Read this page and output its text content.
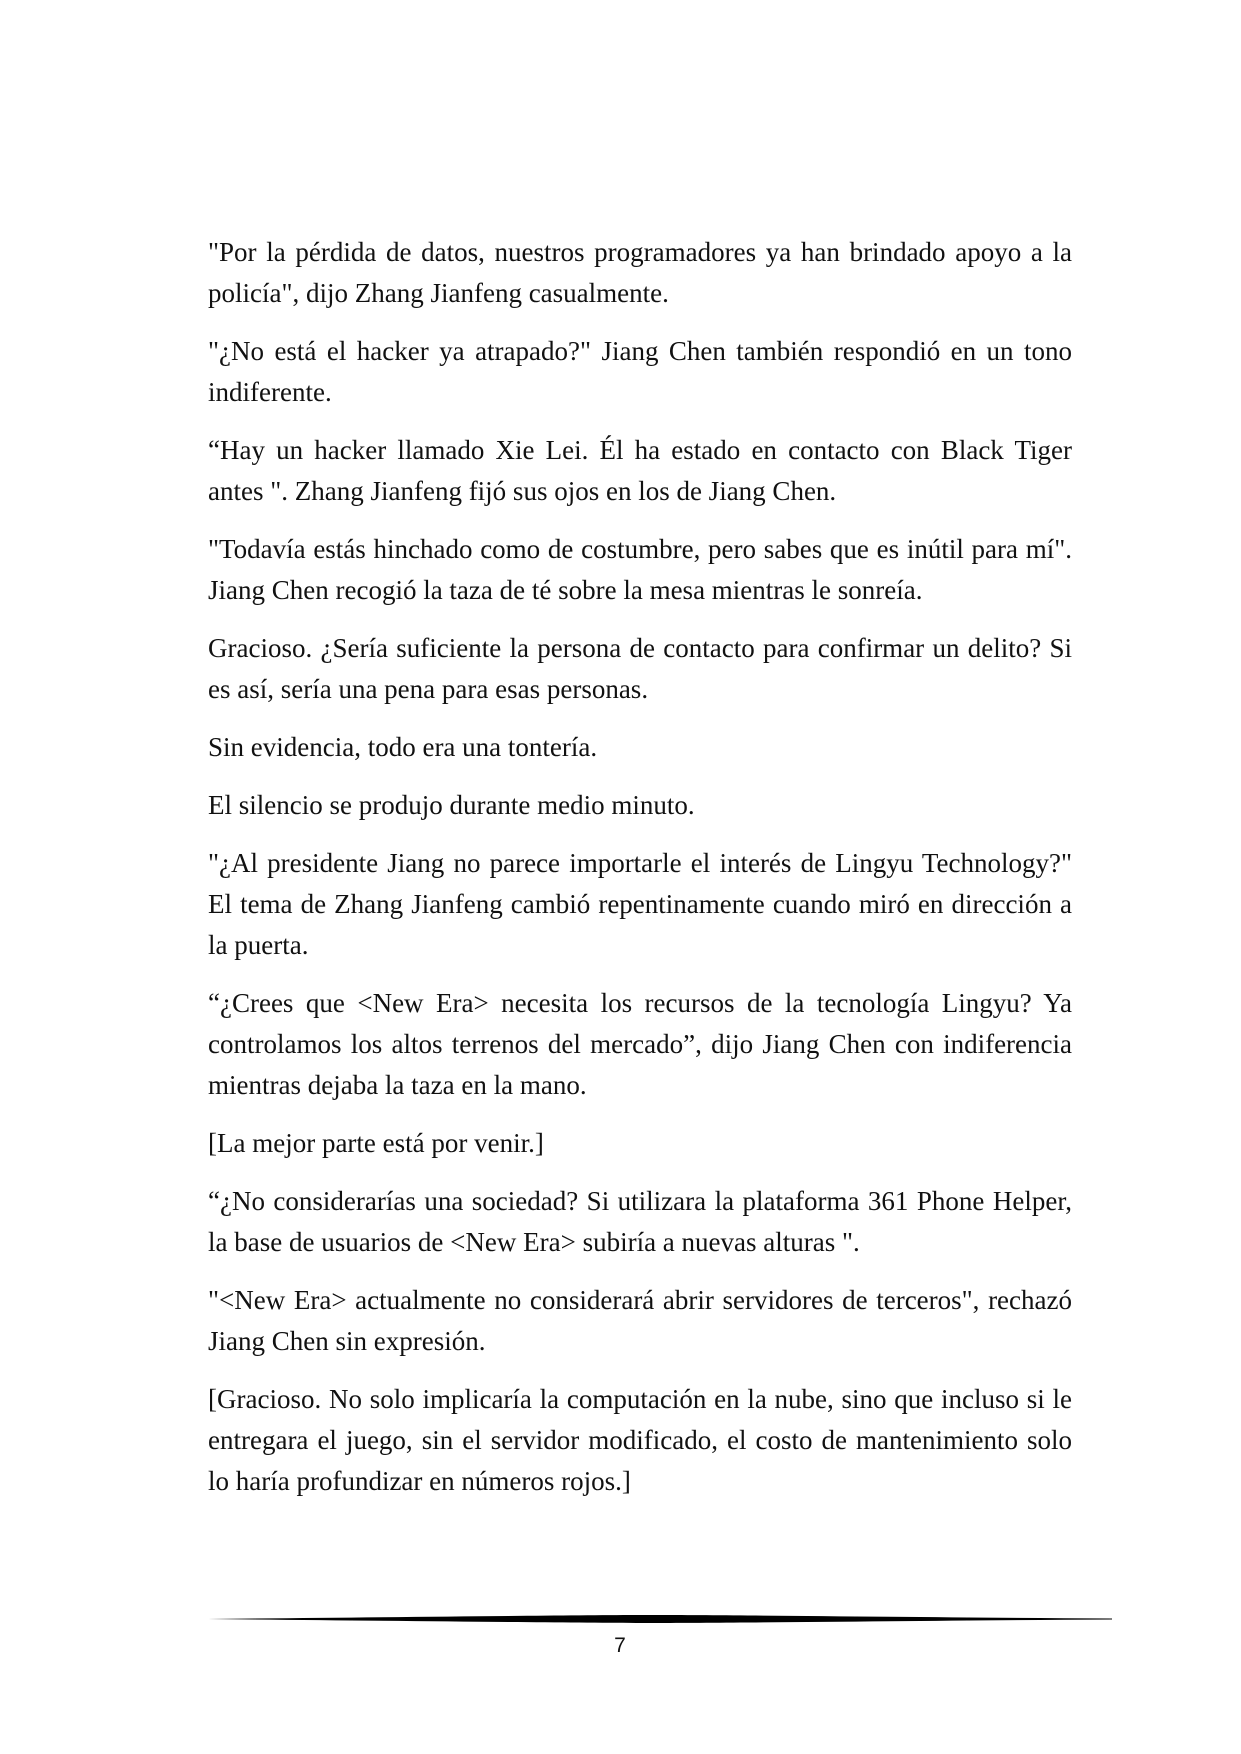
"Por la pérdida de datos, nuestros programadores ya han brindado apoyo a la policía", dijo Zhang Jianfeng casualmente.

"¿No está el hacker ya atrapado?" Jiang Chen también respondió en un tono indiferente.

“Hay un hacker llamado Xie Lei. Él ha estado en contacto con Black Tiger antes ". Zhang Jianfeng fijó sus ojos en los de Jiang Chen.

"Todavía estás hinchado como de costumbre, pero sabes que es inútil para mí". Jiang Chen recogió la taza de té sobre la mesa mientras le sonreía.

Gracioso. ¿Sería suficiente la persona de contacto para confirmar un delito? Si es así, sería una pena para esas personas.

Sin evidencia, todo era una tontería.

El silencio se produjo durante medio minuto.

"¿Al presidente Jiang no parece importarle el interés de Lingyu Technology?" El tema de Zhang Jianfeng cambió repentinamente cuando miró en dirección a la puerta.

“¿Crees que <New Era> necesita los recursos de la tecnología Lingyu? Ya controlamos los altos terrenos del mercado”, dijo Jiang Chen con indiferencia mientras dejaba la taza en la mano.

[La mejor parte está por venir.]

“¿No considerarías una sociedad? Si utilizara la plataforma 361 Phone Helper, la base de usuarios de <New Era> subiría a nuevas alturas ".

"<New Era> actualmente no considerará abrir servidores de terceros", rechazó Jiang Chen sin expresión.

[Gracioso. No solo implicaría la computación en la nube, sino que incluso si le entregara el juego, sin el servidor modificado, el costo de mantenimiento solo lo haría profundizar en números rojos.]

7
